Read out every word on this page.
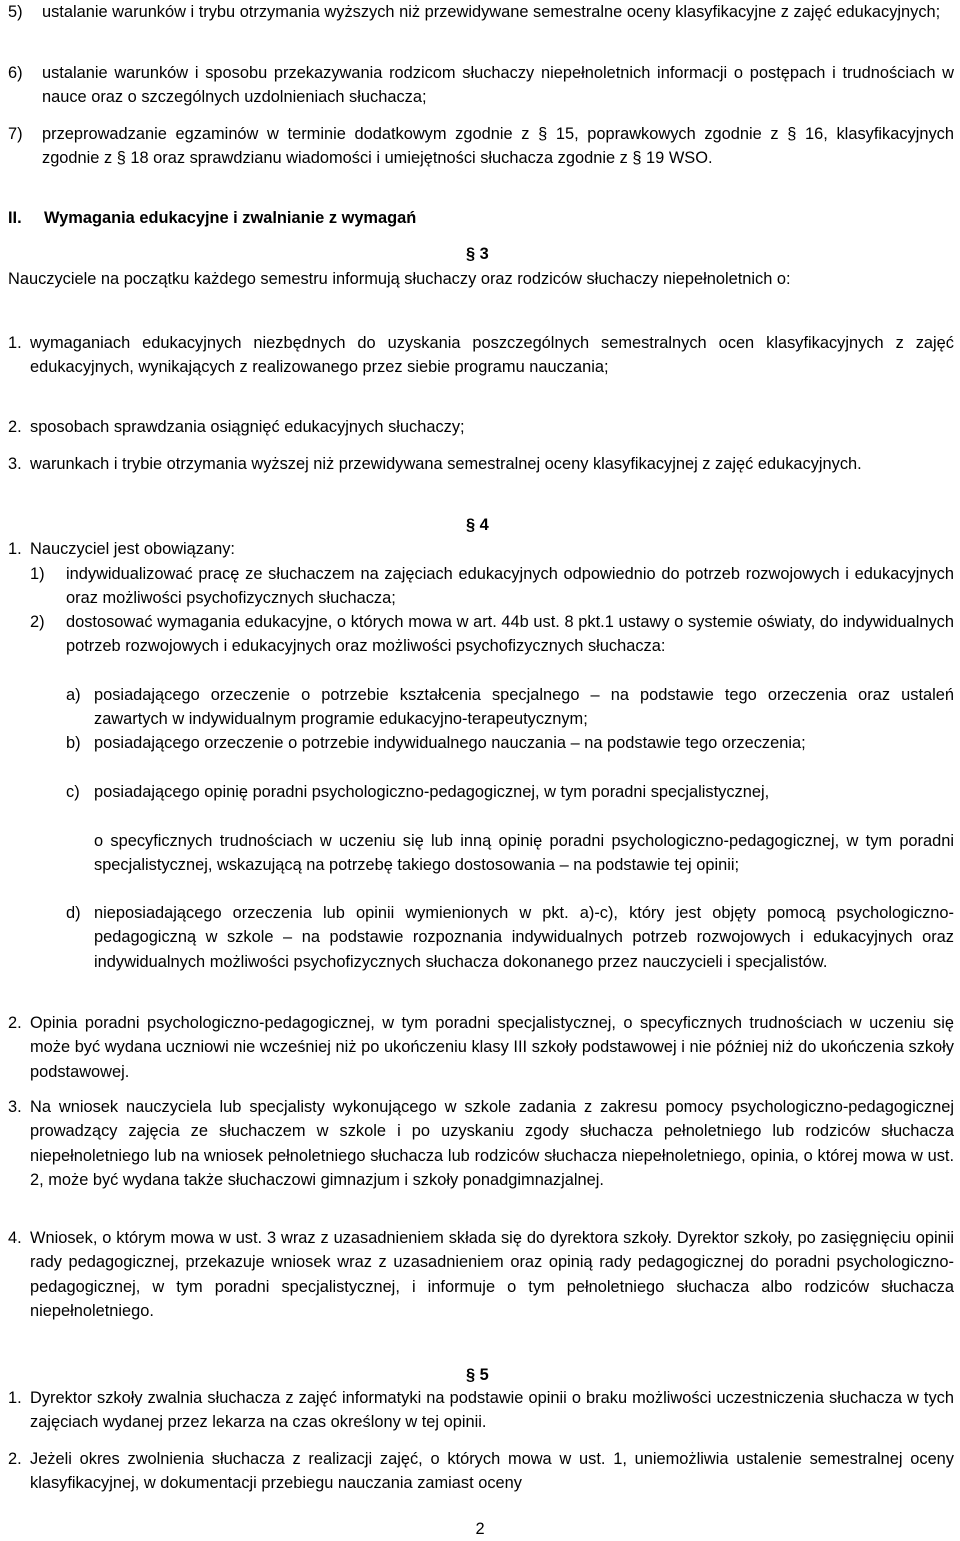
5)	ustalanie warunków i trybu otrzymania wyższych niż przewidywane semestralne oceny klasyfikacyjne z zajęć edukacyjnych;
6)	ustalanie warunków i sposobu przekazywania rodzicom słuchaczy niepełnoletnich informacji o postępach i trudnościach w nauce oraz o szczególnych uzdolnieniach słuchacza;
7)	przeprowadzanie egzaminów w terminie dodatkowym zgodnie z § 15, poprawkowych zgodnie z § 16, klasyfikacyjnych zgodnie z § 18 oraz sprawdzianu wiadomości i umiejętności słuchacza zgodnie z § 19 WSO.
II. Wymagania edukacyjne i zwalnianie z wymagań
§ 3
Nauczyciele na początku każdego semestru informują słuchaczy oraz rodziców słuchaczy niepełnoletnich o:
1. wymaganiach edukacyjnych niezbędnych do uzyskania poszczególnych semestralnych ocen klasyfikacyjnych z zajęć edukacyjnych, wynikających z realizowanego przez siebie programu nauczania;
2. sposobach sprawdzania osiągnięć edukacyjnych słuchaczy;
3. warunkach i trybie otrzymania wyższej niż przewidywana semestralnej oceny klasyfikacyjnej z zajęć edukacyjnych.
§ 4
1. Nauczyciel jest obowiązany:
1)	indywidualizować pracę ze słuchaczem na zajęciach edukacyjnych odpowiednio do potrzeb rozwojowych i edukacyjnych oraz możliwości psychofizycznych słuchacza;
2)	dostosować wymagania edukacyjne, o których mowa w art. 44b ust. 8 pkt.1 ustawy o systemie oświaty, do indywidualnych potrzeb rozwojowych i edukacyjnych oraz możliwości psychofizycznych słuchacza:
a) posiadającego orzeczenie o potrzebie kształcenia specjalnego – na podstawie tego orzeczenia oraz ustaleń zawartych w indywidualnym programie edukacyjno-terapeutycznym;
b) posiadającego orzeczenie o potrzebie indywidualnego nauczania – na podstawie tego orzeczenia;
c) posiadającego opinię poradni psychologiczno-pedagogicznej, w tym poradni specjalistycznej,
o specyficznych trudnościach w uczeniu się lub inną opinię poradni psychologiczno-pedagogicznej, w tym poradni specjalistycznej, wskazującą na potrzebę takiego dostosowania – na podstawie tej opinii;
d) nieposiadającego orzeczenia lub opinii wymienionych w pkt. a)-c), który jest objęty pomocą psychologiczno-pedagogiczną w szkole – na podstawie rozpoznania indywidualnych potrzeb rozwojowych i edukacyjnych oraz indywidualnych możliwości psychofizycznych słuchacza dokonanego przez nauczycieli i specjalistów.
2. Opinia poradni psychologiczno-pedagogicznej, w tym poradni specjalistycznej, o specyficznych trudnościach w uczeniu się może być wydana uczniowi nie wcześniej niż po ukończeniu klasy III szkoły podstawowej i nie później niż do ukończenia szkoły podstawowej.
3. Na wniosek nauczyciela lub specjalisty wykonującego w szkole zadania z zakresu pomocy psychologiczno-pedagogicznej prowadzący zajęcia ze słuchaczem w szkole i po uzyskaniu zgody słuchacza pełnoletniego lub rodziców słuchacza niepełnoletniego lub na wniosek pełnoletniego słuchacza lub rodziców słuchacza niepełnoletniego, opinia, o której mowa w ust. 2, może być wydana także słuchaczowi gimnazjum i szkoły ponadgimnazjalnej.
4. Wniosek, o którym mowa w ust. 3 wraz z uzasadnieniem składa się do dyrektora szkoły. Dyrektor szkoły, po zasięgnięciu opinii rady pedagogicznej, przekazuje wniosek wraz z uzasadnieniem oraz opinią rady pedagogicznej do poradni psychologiczno-pedagogicznej, w tym poradni specjalistycznej, i informuje o tym pełnoletniego słuchacza albo rodziców słuchacza niepełnoletniego.
§ 5
1. Dyrektor szkoły zwalnia słuchacza z zajęć informatyki na podstawie opinii o braku możliwości uczestniczenia słuchacza w tych zajęciach wydanej przez lekarza na czas określony w tej opinii.
2. Jeżeli okres zwolnienia słuchacza z realizacji zajęć, o których mowa w ust. 1, uniemożliwia ustalenie semestralnej oceny klasyfikacyjnej, w dokumentacji przebiegu nauczania zamiast oceny
2
